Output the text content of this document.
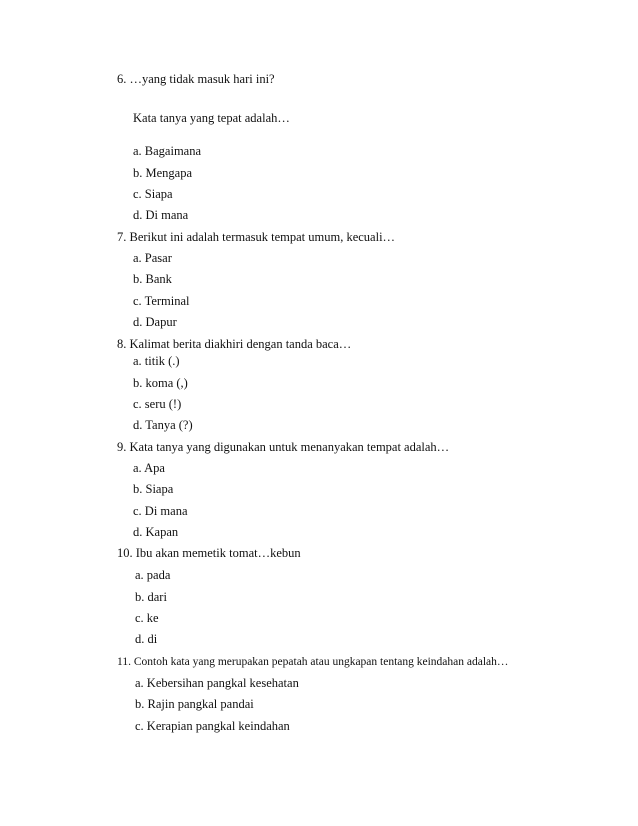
6. …yang tidak masuk hari ini?
Kata tanya yang tepat adalah…
a. Bagaimana
b. Mengapa
c. Siapa
d. Di mana
7. Berikut ini adalah termasuk tempat umum, kecuali…
a. Pasar
b. Bank
c. Terminal
d. Dapur
8. Kalimat berita diakhiri dengan tanda baca…
a. titik (.)
b. koma (,)
c. seru (!)
d. Tanya (?)
9. Kata tanya yang digunakan untuk menanyakan tempat adalah…
a. Apa
b. Siapa
c. Di mana
d. Kapan
10. Ibu akan memetik tomat…kebun
a. pada
b. dari
c. ke
d. di
11. Contoh kata yang merupakan pepatah atau ungkapan tentang keindahan adalah…
a. Kebersihan pangkal kesehatan
b. Rajin pangkal pandai
c. Kerapian pangkal keindahan
